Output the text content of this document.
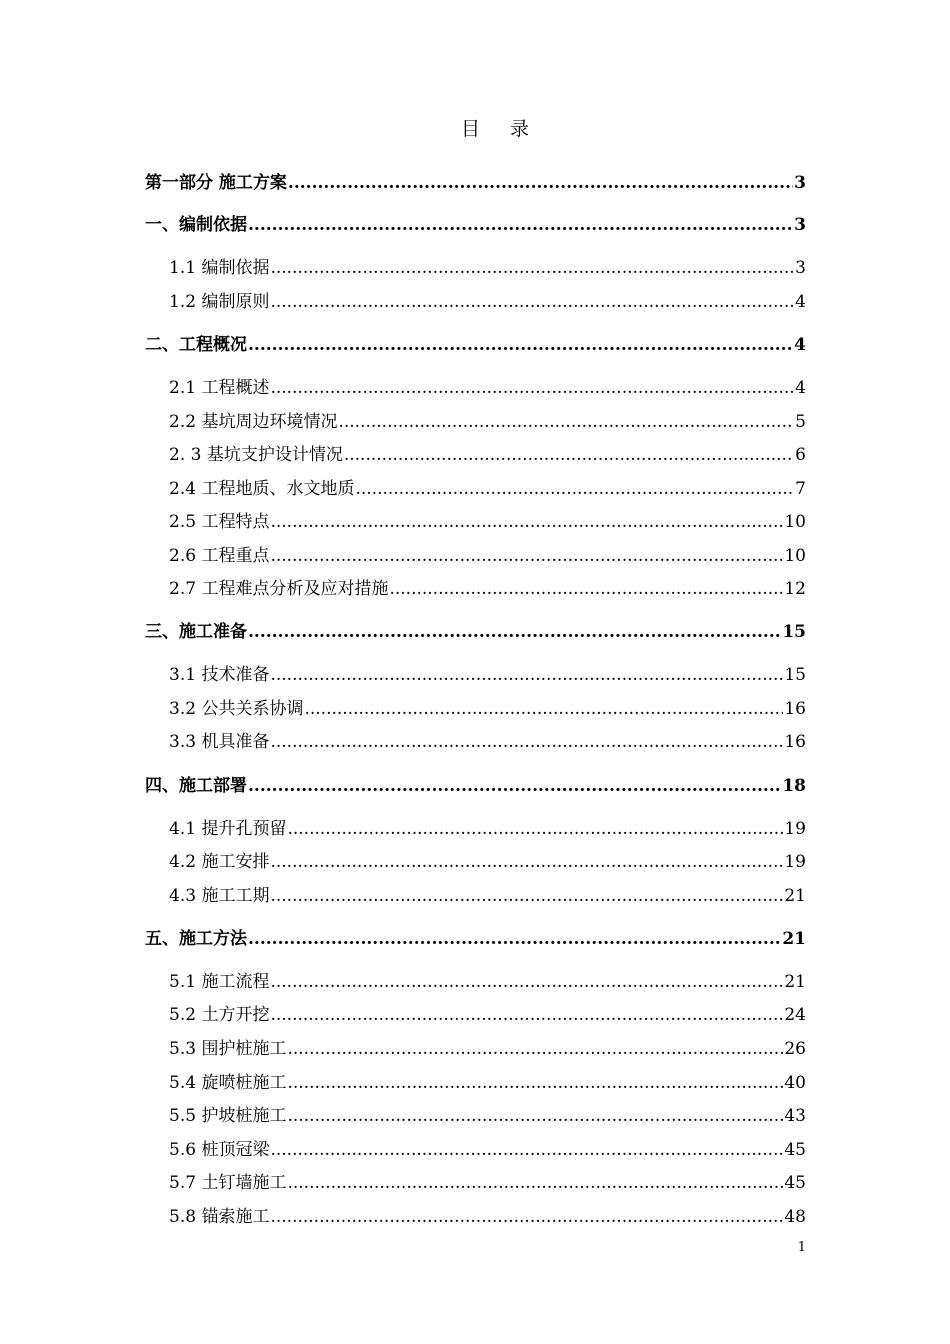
目 录
第一部分 施工方案 .....	3
一、编制依据 .....	3
1.1 编制依据 .....	3
1.2 编制原则 .....	4
二、工程概况 .....	4
2.1 工程概述 .....	4
2.2 基坑周边环境情况 .....	5
2. 3 基坑支护设计情况 .....	6
2.4 工程地质、水文地质 .....	7
2.5 工程特点 .....	10
2.6 工程重点 .....	10
2.7 工程难点分析及应对措施 .....	12
三、施工准备 .....	15
3.1 技术准备 .....	15
3.2 公共关系协调 .....	16
3.3 机具准备 .....	16
四、施工部署 .....	18
4.1 提升孔预留 .....	19
4.2 施工安排 .....	19
4.3 施工工期 .....	21
五、施工方法 .....	21
5.1 施工流程 .....	21
5.2 土方开挖 .....	24
5.3 围护桩施工 .....	26
5.4 旋喷桩施工 .....	40
5.5 护坡桩施工 .....	43
5.6 桩顶冠梁 .....	45
5.7 土钉墙施工 .....	45
5.8 锚索施工 .....	48
1
